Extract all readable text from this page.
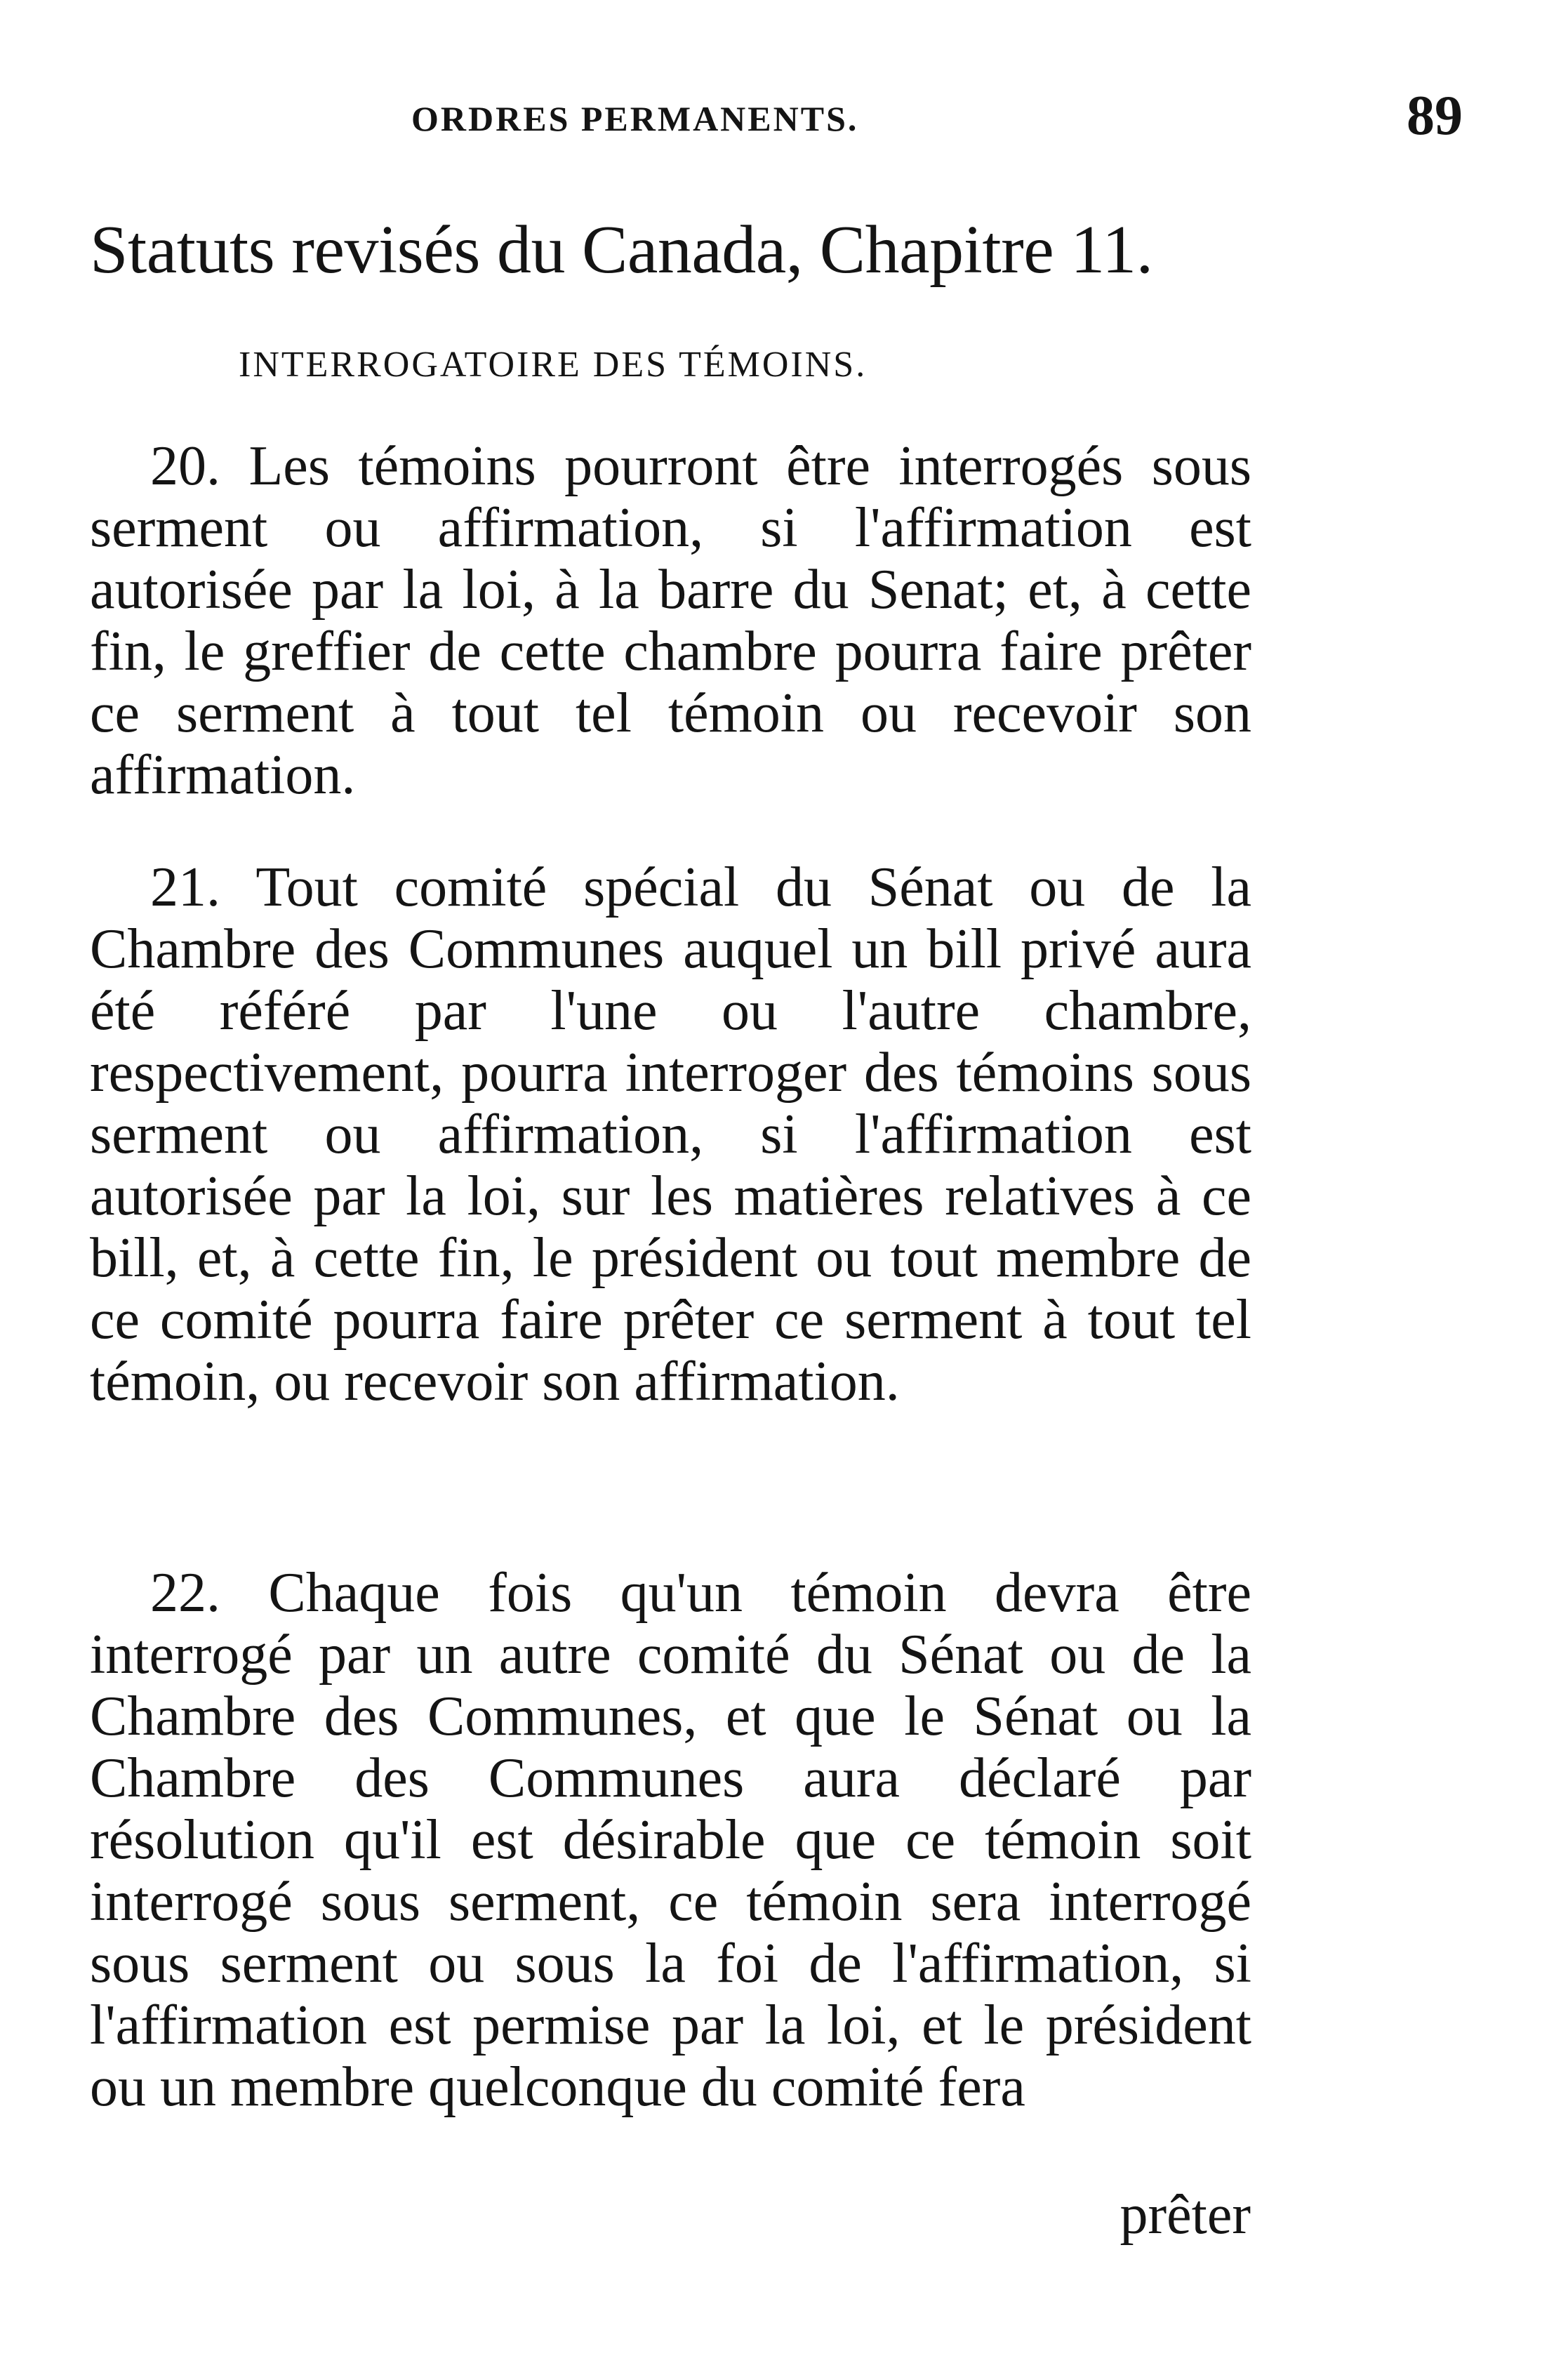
ORDRES PERMANENTS.	89
Statuts revisés du Canada, Chapitre 11.
INTERROGATOIRE DES TÉMOINS.

20. Les témoins pourront être interrogés sous serment ou affirmation, si l'affirmation est autorisée par la loi, à la barre du Senat; et, à cette fin, le greffier de cette chambre pourra faire prêter ce serment à tout tel témoin ou recevoir son affirmation.

21. Tout comité spécial du Sénat ou de la Chambre des Communes auquel un bill privé aura été référé par l'une ou l'autre chambre, respectivement, pourra interroger des témoins sous serment ou affirmation, si l'affirmation est autorisée par la loi, sur les matières relatives à ce bill, et, à cette fin, le président ou tout membre de ce comité pourra faire prêter ce serment à tout tel témoin, ou recevoir son affirmation.

22. Chaque fois qu'un témoin devra être interrogé par un autre comité du Sénat ou de la Chambre des Communes, et que le Sénat ou la Chambre des Communes aura déclaré par résolution qu'il est désirable que ce témoin soit interrogé sous serment, ce témoin sera interrogé sous serment ou sous la foi de l'affirmation, si l'affirmation est permise par la loi, et le président ou un membre quelconque du comité fera

prêter
